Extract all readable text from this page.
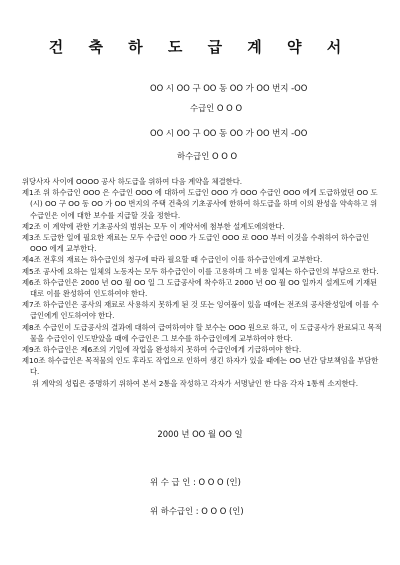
건 축 하 도 급 계 약 서
OO 시 OO 구 OO 동 OO 가 OO 번지 -OO
수급인 O O O
OO 시 OO 구 OO 동 OO 가 OO 번지 -OO
하수급인 O O O

위당사자 사이에 OOOO 공사 하도급을 위하여 다음 계약을 체결한다.

제1조 위 하수급인 OOO 은 수급인 OOO 에 대하여 도급인 OOO 가 OOO 수급인 OOO 에게 도급하였던 OO 도(시) OO 구 OO 동 OO 가 OO 번지의 주택 건축의 기초공사에 한하여 하도급을 하며 이의 완성을 약속하고 위 수급인은 이에 대한 보수를 지급할 것을 정한다.

제2조 이 계약에 관한 기초공사의 범위는 모두 이 계약서에 첨부한 설계도에의한다.

제3조 도급한 일에 필요한 재료는 모두 수급인 OOO 가 도급인 OOO 로 OOO 부터 이것을 수취하여 하수급인 OOO 에게 교부한다.

제4조 전후의 재료는 하수급인의 청구에 따라 필요할 때 수급인이 이를 하수급인에게 교부한다.

제5조 공사에 요하는 일체의 노동자는 모두 하수급인이 이를 고용하며 그 비용 일체는 하수급인의 부담으로 한다.

제6조 하수급인은 2000 년 OO 월 OO 일 그 도급공사에 착수하고 2000 년 OO 월 OO 일까지 설계도에 기재된대로 이를 완성하여 인도하여야 한다.

제7조 하수급인은 공사의 재료로 사용하지 못하게 된 것 또는 잉여품이 있을 때에는 전조의 공사완성일에 이를 수급인에게 인도하여야 한다.

제8조 수급인이 도급공사의 결과에 대하여 급여하여야 할 보수는 OOO 원으로 하고, 이 도급공사가 완료되고 목적물을 수급인이 인도받았을 때에 수급인은 그 보수를 하수급인에게 교부하여야 한다.

제9조 하수급인은 제6조의 기일에 작업을 완성하지 못하여 수급인에게 기급하여야 한다.

제10조 하수급인은 목적물의 인도 후라도 작업으로 인하여 생긴 하자가 있을 때에는 OO 년간 담보책임을 부담한다.

위 계약의 성립은 증명하기 위하여 본서 2통을 작성하고 각자가 서명날인 한 다음 각자 1통씩 소지한다.

2000 년 OO 월 OO 일
위 수 급 인 : O O O (인)
위 하수급인 : O O O (인)
